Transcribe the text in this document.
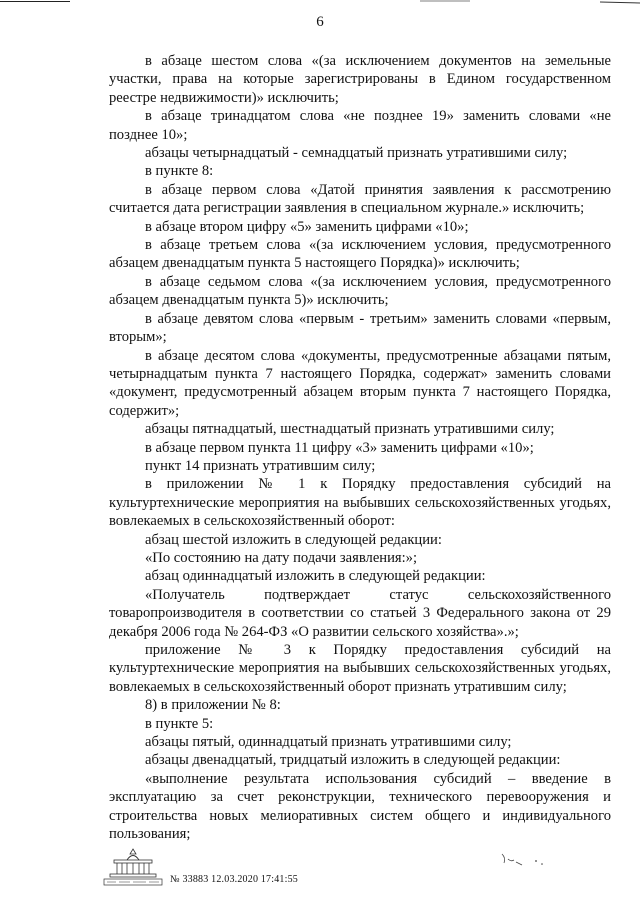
6

в абзаце шестом слова «(за исключением документов на земельные участки, права на которые зарегистрированы в Едином государственном реестре недвижимости)» исключить;

в абзаце тринадцатом слова «не позднее 19» заменить словами «не позднее 10»;

абзацы четырнадцатый - семнадцатый признать утратившими силу;

в пункте 8:

в абзаце первом слова «Датой принятия заявления к рассмотрению считается дата регистрации заявления в специальном журнале.» исключить;

в абзаце втором цифру «5» заменить цифрами «10»;

в абзаце третьем слова «(за исключением условия, предусмотренного абзацем двенадцатым пункта 5 настоящего Порядка)» исключить;

в абзаце седьмом слова «(за исключением условия, предусмотренного абзацем двенадцатым пункта 5)» исключить;

в абзаце девятом слова «первым - третьим» заменить словами «первым, вторым»;

в абзаце десятом слова «документы, предусмотренные абзацами пятым, четырнадцатым пункта 7 настоящего Порядка, содержат» заменить словами «документ, предусмотренный абзацем вторым пункта 7 настоящего Порядка, содержит»;

абзацы пятнадцатый, шестнадцатый признать утратившими силу;

в абзаце первом пункта 11 цифру «3» заменить цифрами «10»;

пункт 14 признать утратившим силу;

в приложении № 1 к Порядку предоставления субсидий на культуртехнические мероприятия на выбывших сельскохозяйственных угодьях, вовлекаемых в сельскохозяйственный оборот:

абзац шестой изложить в следующей редакции:

«По состоянию на дату подачи заявления:»;

абзац одиннадцатый изложить в следующей редакции:

«Получатель подтверждает статус сельскохозяйственного товаропроизводителя в соответствии со статьей 3 Федерального закона от 29 декабря 2006 года № 264-ФЗ «О развитии сельского хозяйства».»;

приложение № 3 к Порядку предоставления субсидий на культуртехнические мероприятия на выбывших сельскохозяйственных угодьях, вовлекаемых в сельскохозяйственный оборот признать утратившим силу;

8) в приложении № 8:

в пункте 5:

абзацы пятый, одиннадцатый признать утратившими силу;

абзацы двенадцатый, тридцатый изложить в следующей редакции:

«выполнение результата использования субсидий – введение в эксплуатацию за счет реконструкции, технического перевооружения и строительства новых мелиоративных систем общего и индивидуального пользования;

№ 33883 12.03.2020 17:41:55
